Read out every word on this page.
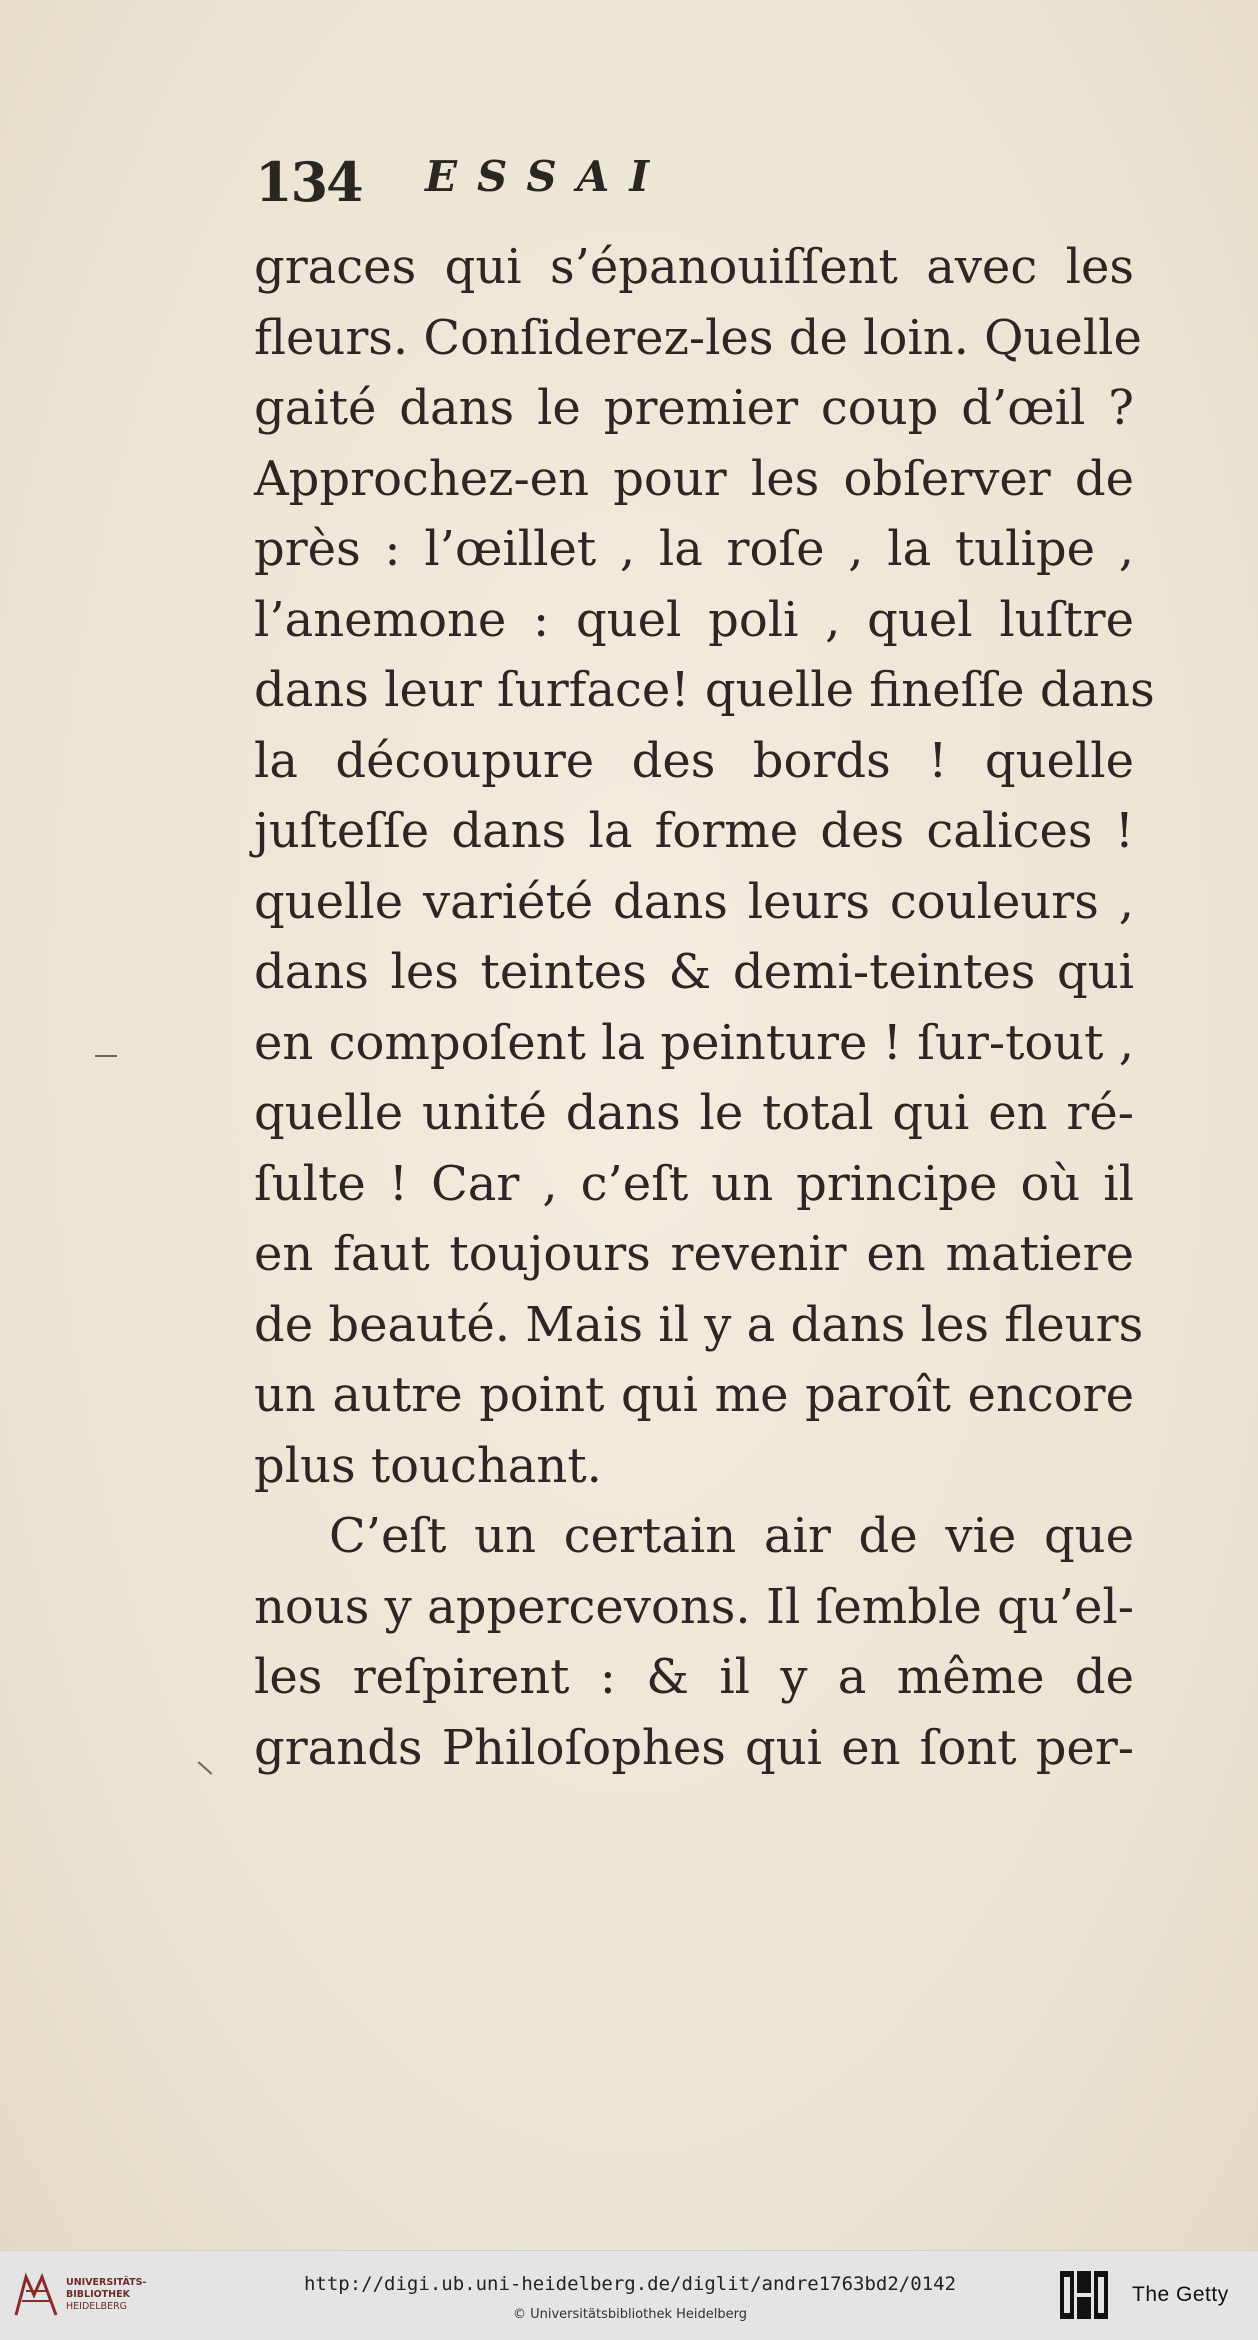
134 ESSAI
graces qui s’épanouiſſent avec les
fleurs. Conſiderez-les de loin. Quelle
gaité dans le premier coup d’œil ?
Approchez-en pour les obſerver de
près : l’œillet , la roſe , la tulipe ,
l’anemone : quel poli , quel luſtre
dans leur ſurface! quelle fineſſe dans
la découpure des bords ! quelle
juſteſſe dans la forme des calices !
quelle variété dans leurs couleurs ,
dans les teintes & demi-teintes qui
en compoſent la peinture ! ſur-tout ,
quelle unité dans le total qui en ré-
ſulte ! Car , c’eſt un principe où il
en faut toujours revenir en matiere
de beauté. Mais il y a dans les fleurs
un autre point qui me paroît encore
plus touchant.
C’eſt un certain air de vie que
nous y appercevons. Il ſemble qu’el-
les reſpirent : & il y a même de
grands Philoſophes qui en ſont per-
UNIVERSITÄTS-
BIBLIOTHEK
HEIDELBERG
http://digi.ub.uni-heidelberg.de/diglit/andre1763bd2/0142
© Universitätsbibliothek Heidelberg
The Getty
